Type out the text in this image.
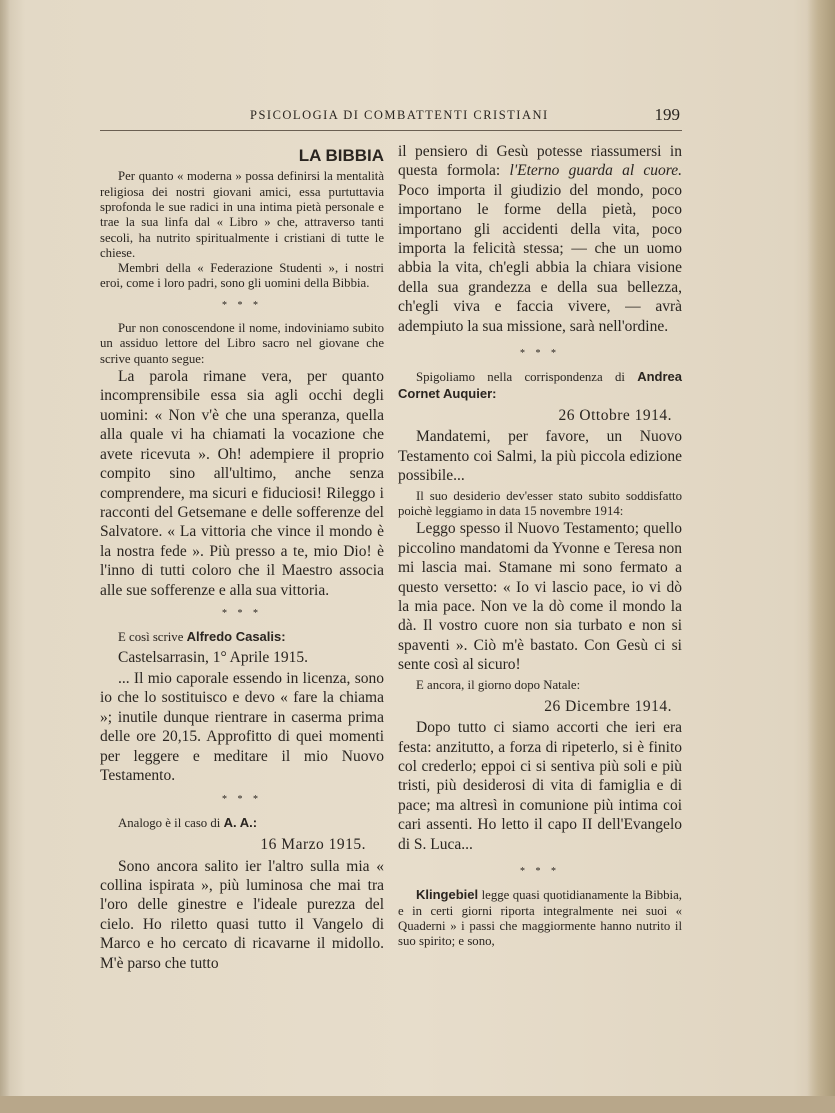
PSICOLOGIA DI COMBATTENTI CRISTIANI	199

LA BIBBIA

Per quanto « moderna » possa definirsi la mentalità religiosa dei nostri giovani amici, essa purtuttavia sprofonda le sue radici in una intima pietà personale e trae la sua linfa dal « Libro » che, attraverso tanti secoli, ha nutrito spiritualmente i cristiani di tutte le chiese.

Membri della « Federazione Studenti », i nostri eroi, come i loro padri, sono gli uomini della Bibbia.

* * *

Pur non conoscendone il nome, indoviniamo subito un assiduo lettore del Libro sacro nel giovane che scrive quanto segue:

La parola rimane vera, per quanto incomprensibile essa sia agli occhi degli uomini: « Non v'è che una speranza, quella alla quale vi ha chiamati la vocazione che avete ricevuta ». Oh! adempiere il proprio compito sino all'ultimo, anche senza comprendere, ma sicuri e fiduciosi! Rileggo i racconti del Getsemane e delle sofferenze del Salvatore. « La vittoria che vince il mondo è la nostra fede ». Più presso a te, mio Dio! è l'inno di tutti coloro che il Maestro associa alle sue sofferenze e alla sua vittoria.

* * *

E così scrive Alfredo Casalis:

Castelsarrasin, 1° Aprile 1915.

... Il mio caporale essendo in licenza, sono io che lo sostituisco e devo « fare la chiama »; inutile dunque rientrare in caserma prima delle ore 20,15. Approfitto di quei momenti per leggere e meditare il mio Nuovo Testamento.

* * *

Analogo è il caso di A. A.:

16 Marzo 1915.

Sono ancora salito ier l'altro sulla mia « collina ispirata », più luminosa che mai tra l'oro delle ginestre e l'ideale purezza del cielo. Ho riletto quasi tutto il Vangelo di Marco e ho cercato di ricavarne il midollo. M'è parso che tutto

il pensiero di Gesù potesse riassumersi in questa formola: l'Eterno guarda al cuore. Poco importa il giudizio del mondo, poco importano le forme della pietà, poco importano gli accidenti della vita, poco importa la felicità stessa; — che un uomo abbia la vita, ch'egli abbia la chiara visione della sua grandezza e della sua bellezza, ch'egli viva e faccia vivere, — avrà adempiuto la sua missione, sarà nell'ordine.

* * *

Spigoliamo nella corrispondenza di Andrea Cornet Auquier:

26 Ottobre 1914.

Mandatemi, per favore, un Nuovo Testamento coi Salmi, la più piccola edizione possibile...

Il suo desiderio dev'esser stato subito soddisfatto poichè leggiamo in data 15 novembre 1914:

Leggo spesso il Nuovo Testamento; quello piccolino mandatomi da Yvonne e Teresa non mi lascia mai. Stamane mi sono fermato a questo versetto: « Io vi lascio pace, io vi dò la mia pace. Non ve la dò come il mondo la dà. Il vostro cuore non sia turbato e non si spaventi ». Ciò m'è bastato. Con Gesù ci si sente così al sicuro!

E ancora, il giorno dopo Natale:

26 Dicembre 1914.

Dopo tutto ci siamo accorti che ieri era festa: anzitutto, a forza di ripeterlo, si è finito col crederlo; eppoi ci si sentiva più soli e più tristi, più desiderosi di vita di famiglia e di pace; ma altresì in comunione più intima coi cari assenti. Ho letto il capo II dell'Evangelo di S. Luca...

* * *

Klingebiel legge quasi quotidianamente la Bibbia, e in certi giorni riporta integralmente nei suoi « Quaderni » i passi che maggiormente hanno nutrito il suo spirito; e sono,
